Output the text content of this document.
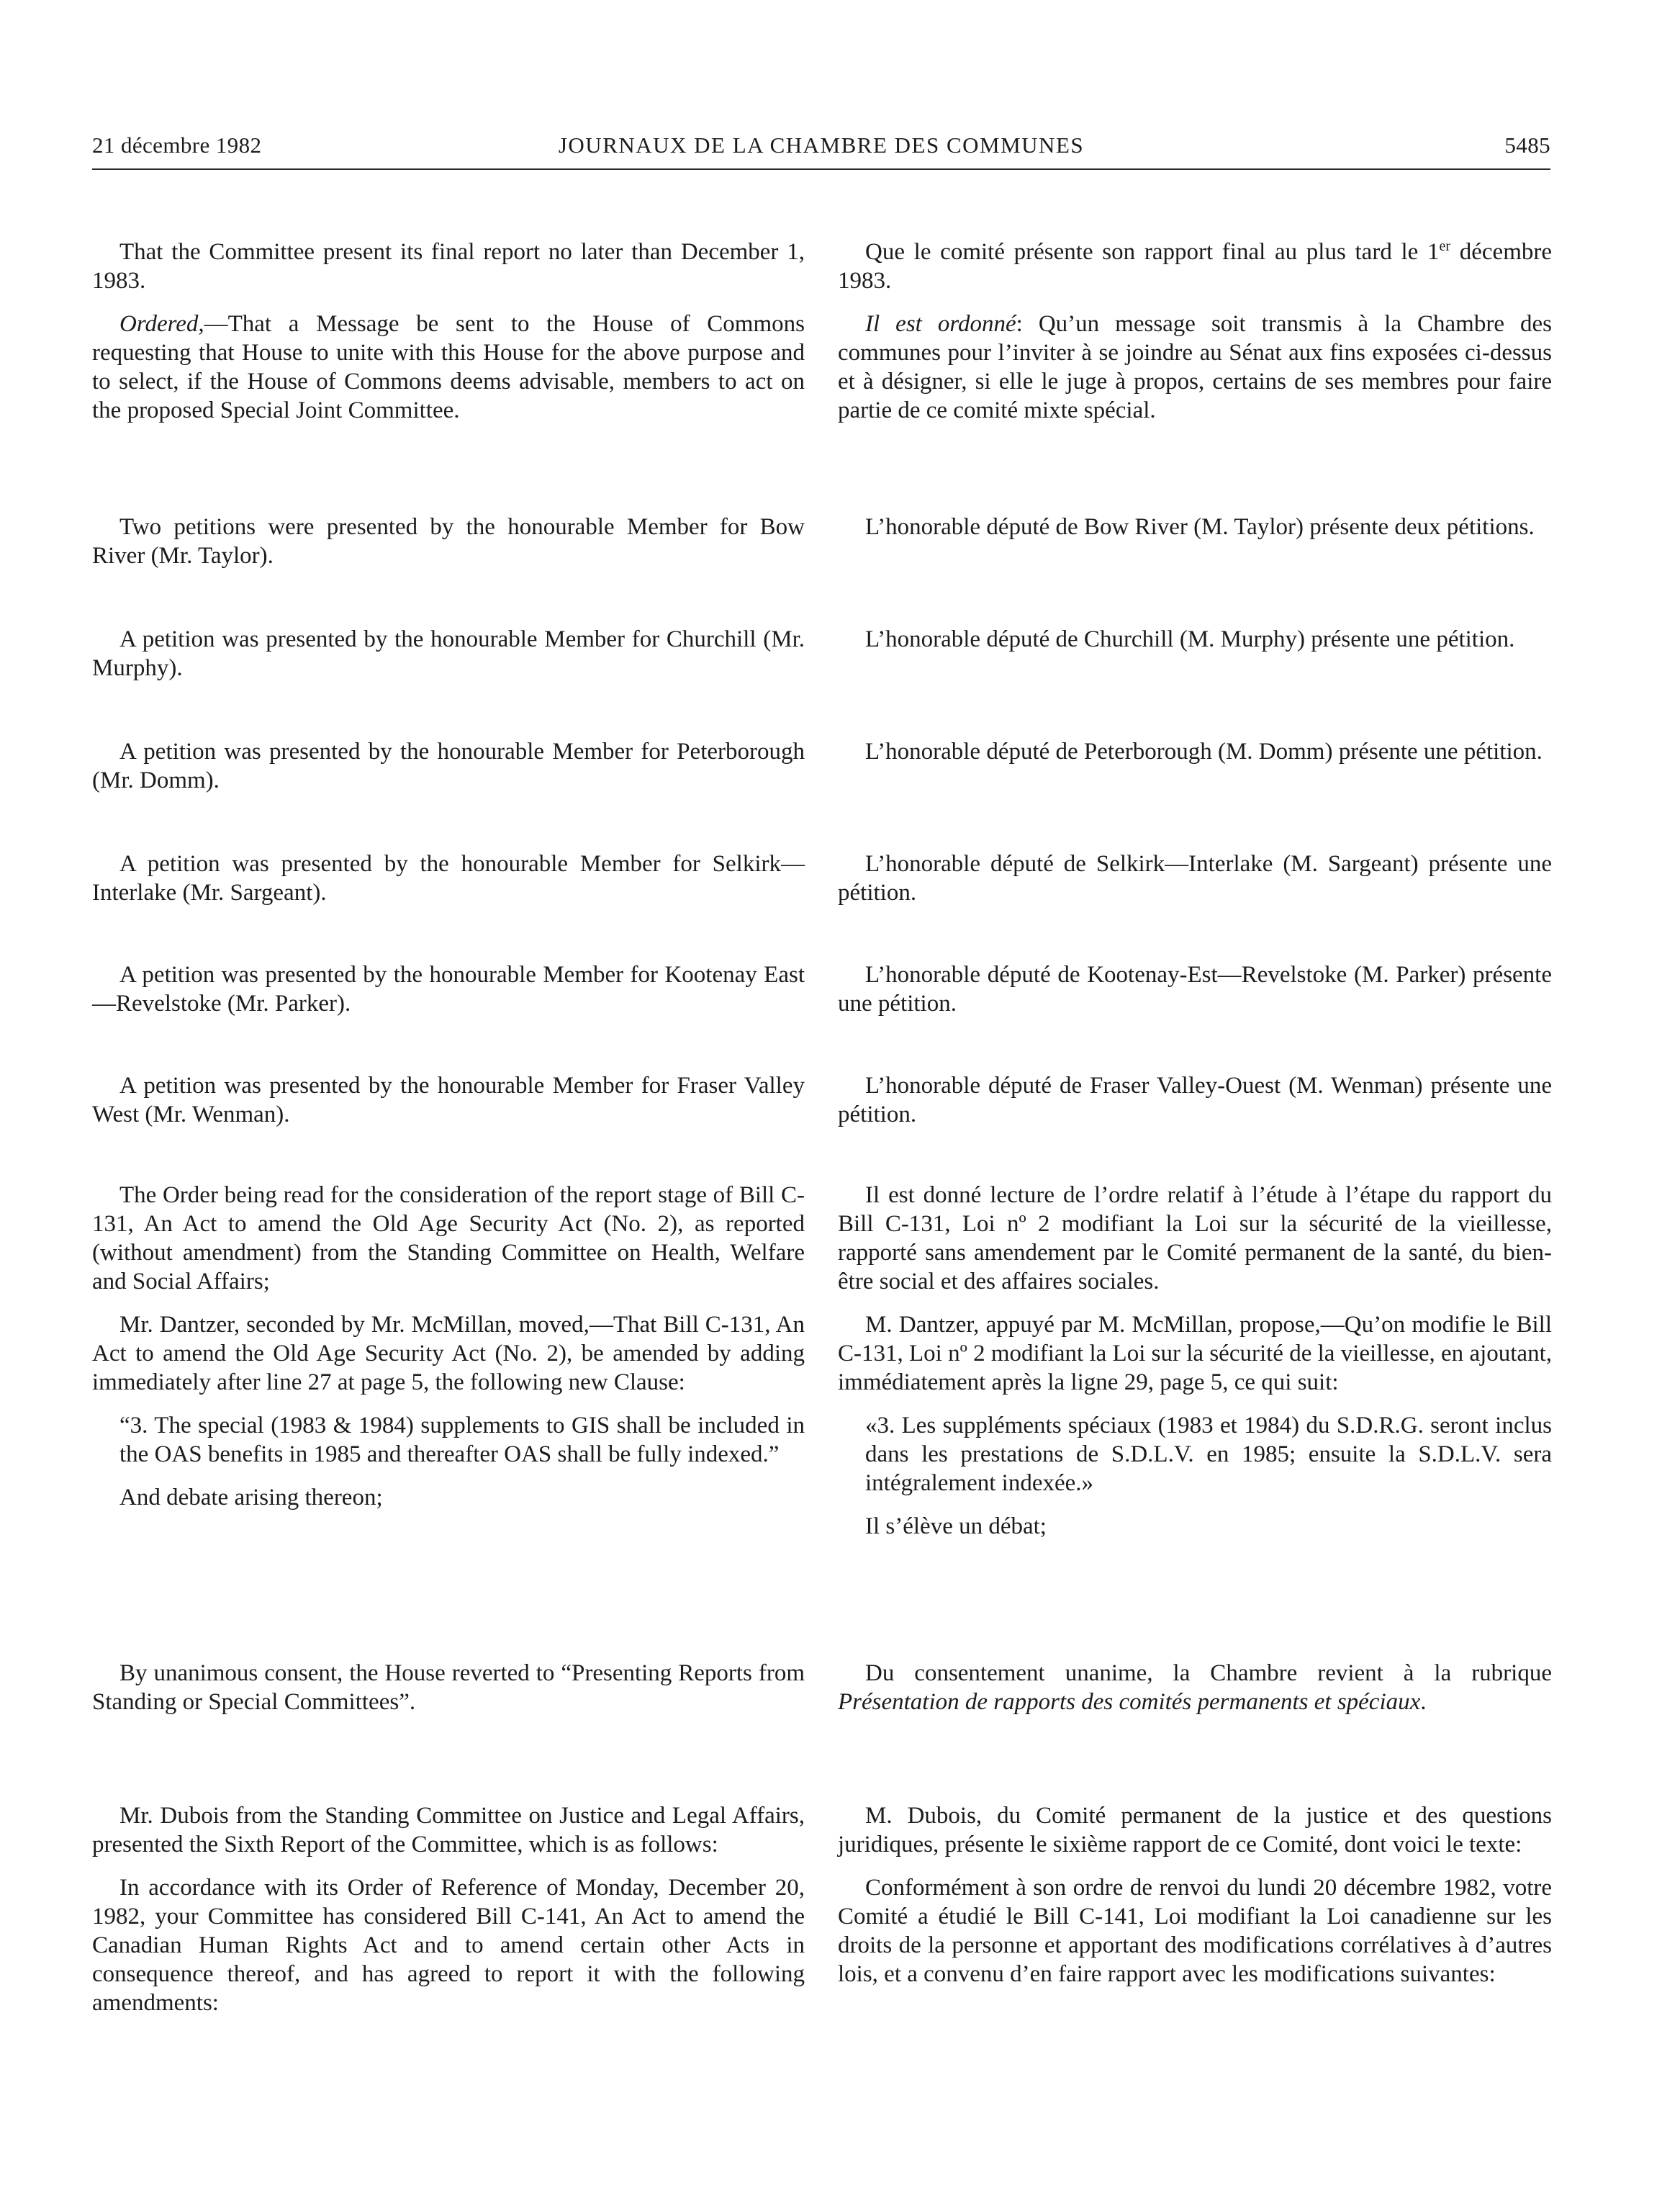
21 décembre 1982	JOURNAUX DE LA CHAMBRE DES COMMUNES	5485

That the Committee present its final report no later than December 1, 1983.

Ordered,—That a Message be sent to the House of Commons requesting that House to unite with this House for the above purpose and to select, if the House of Commons deems advisable, members to act on the proposed Special Joint Committee.

Two petitions were presented by the honourable Member for Bow River (Mr. Taylor).

A petition was presented by the honourable Member for Churchill (Mr. Murphy).

A petition was presented by the honourable Member for Peterborough (Mr. Domm).

A petition was presented by the honourable Member for Selkirk—Interlake (Mr. Sargeant).

A petition was presented by the honourable Member for Kootenay East—Revelstoke (Mr. Parker).

A petition was presented by the honourable Member for Fraser Valley West (Mr. Wenman).

The Order being read for the consideration of the report stage of Bill C-131, An Act to amend the Old Age Security Act (No. 2), as reported (without amendment) from the Standing Committee on Health, Welfare and Social Affairs;

Mr. Dantzer, seconded by Mr. McMillan, moved,—That Bill C-131, An Act to amend the Old Age Security Act (No. 2), be amended by adding immediately after line 27 at page 5, the following new Clause:

“3. The special (1983 & 1984) supplements to GIS shall be included in the OAS benefits in 1985 and thereafter OAS shall be fully indexed.”

And debate arising thereon;

By unanimous consent, the House reverted to “Presenting Reports from Standing or Special Committees”.

Mr. Dubois from the Standing Committee on Justice and Legal Affairs, presented the Sixth Report of the Committee, which is as follows:

In accordance with its Order of Reference of Monday, December 20, 1982, your Committee has considered Bill C-141, An Act to amend the Canadian Human Rights Act and to amend certain other Acts in consequence thereof, and has agreed to report it with the following amendments:

Que le comité présente son rapport final au plus tard le 1er décembre 1983.

Il est ordonné: Qu’un message soit transmis à la Chambre des communes pour l’inviter à se joindre au Sénat aux fins exposées ci-dessus et à désigner, si elle le juge à propos, certains de ses membres pour faire partie de ce comité mixte spécial.

L’honorable député de Bow River (M. Taylor) présente deux pétitions.

L’honorable député de Churchill (M. Murphy) présente une pétition.

L’honorable député de Peterborough (M. Domm) présente une pétition.

L’honorable député de Selkirk—Interlake (M. Sargeant) présente une pétition.

L’honorable député de Kootenay-Est—Revelstoke (M. Parker) présente une pétition.

L’honorable député de Fraser Valley-Ouest (M. Wenman) présente une pétition.

Il est donné lecture de l’ordre relatif à l’étude à l’étape du rapport du Bill C-131, Loi nº 2 modifiant la Loi sur la sécurité de la vieillesse, rapporté sans amendement par le Comité permanent de la santé, du bien-être social et des affaires sociales.

M. Dantzer, appuyé par M. McMillan, propose,—Qu’on modifie le Bill C-131, Loi nº 2 modifiant la Loi sur la sécurité de la vieillesse, en ajoutant, immédiatement après la ligne 29, page 5, ce qui suit:

«3. Les suppléments spéciaux (1983 et 1984) du S.D.R.G. seront inclus dans les prestations de S.D.L.V. en 1985; ensuite la S.D.L.V. sera intégralement indexée.»

Il s’élève un débat;

Du consentement unanime, la Chambre revient à la rubrique Présentation de rapports des comités permanents et spéciaux.

M. Dubois, du Comité permanent de la justice et des questions juridiques, présente le sixième rapport de ce Comité, dont voici le texte:

Conformément à son ordre de renvoi du lundi 20 décembre 1982, votre Comité a étudié le Bill C-141, Loi modifiant la Loi canadienne sur les droits de la personne et apportant des modifications corrélatives à d’autres lois, et a convenu d’en faire rapport avec les modifications suivantes:
